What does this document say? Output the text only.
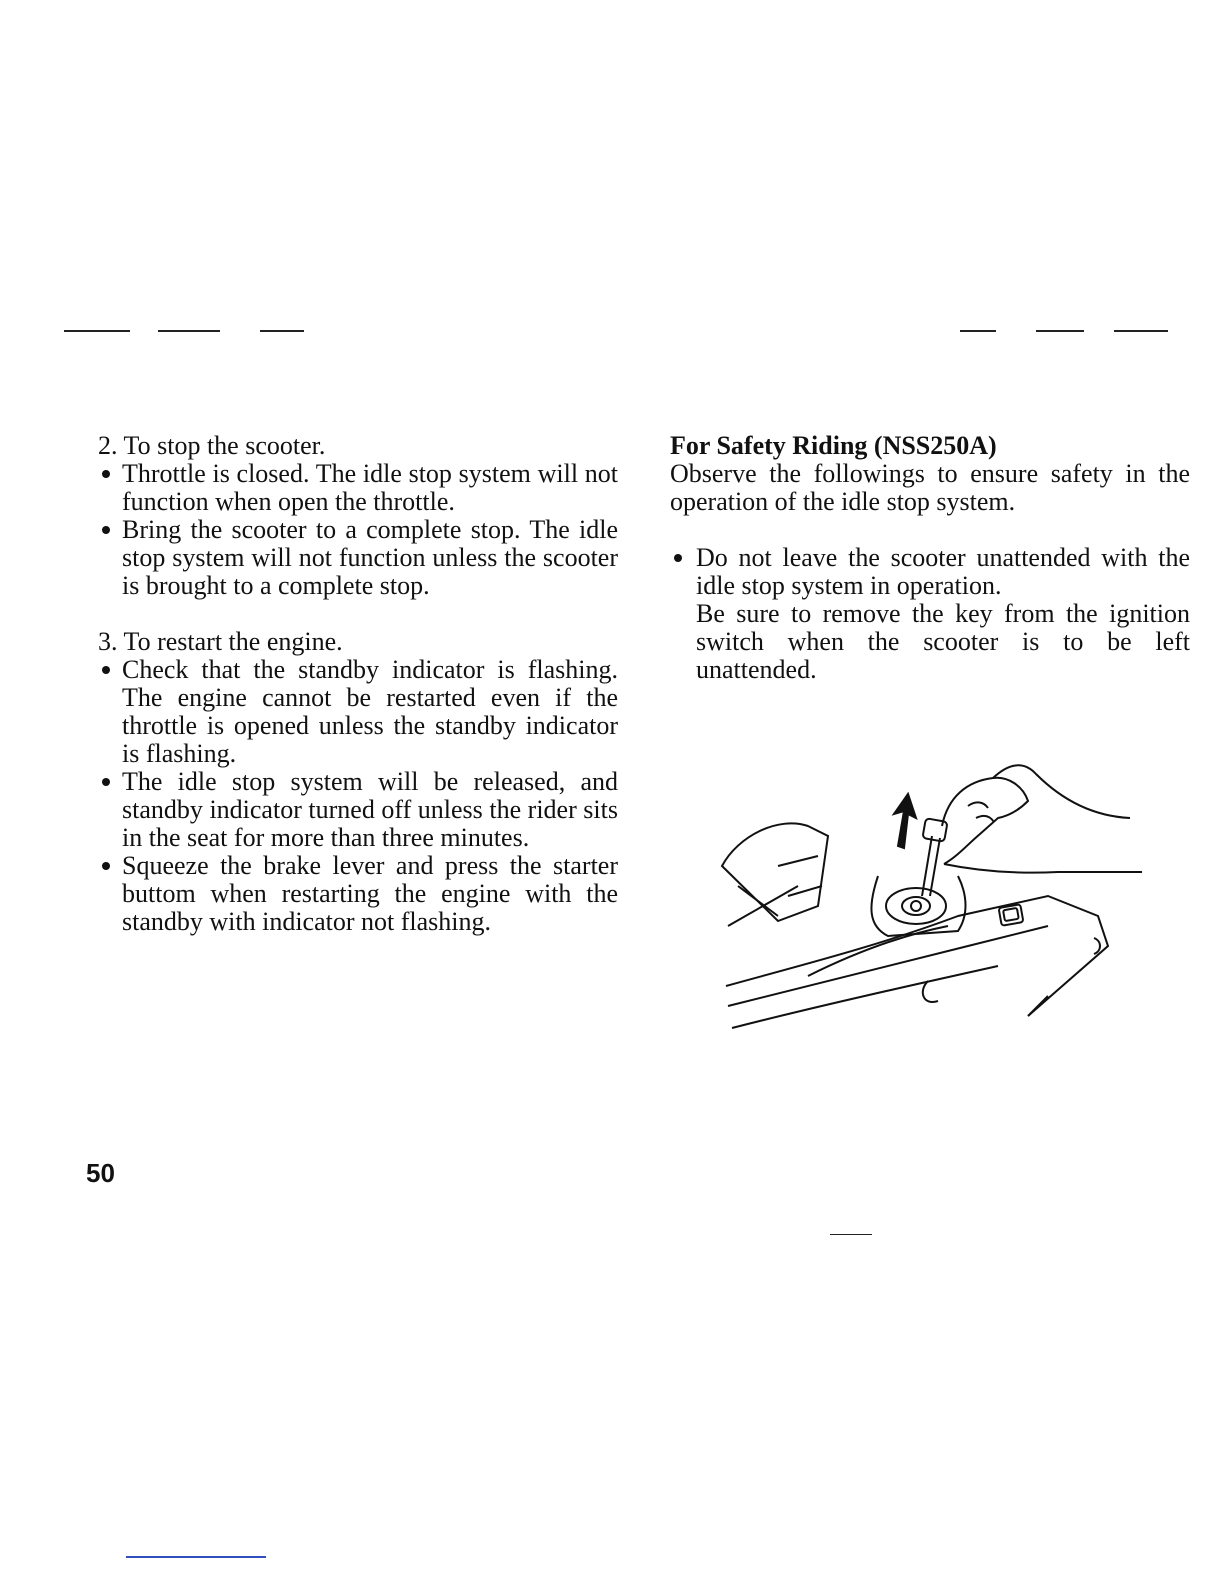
2. To stop the scooter.

Throttle is closed. The idle stop system will not function when open the throttle.
Bring the scooter to a complete stop. The idle stop system will not function unless the scooter is brought to a complete stop.

3. To restart the engine.

Check that the standby indicator is flashing. The engine cannot be restarted even if the throttle is opened unless the standby indicator is flashing.
The idle stop system will be released, and standby indicator turned off unless the rider sits in the seat for more than three minutes.
Squeeze the brake lever and press the starter buttom when restarting the engine with the standby with indicator not flashing.

For Safety Riding (NSS250A)

Observe the followings to ensure safety in the operation of the idle stop system.

Do not leave the scooter unattended with the idle stop system in operation.

Be sure to remove the key from the ignition switch when the scooter is to be left unattended.

50
